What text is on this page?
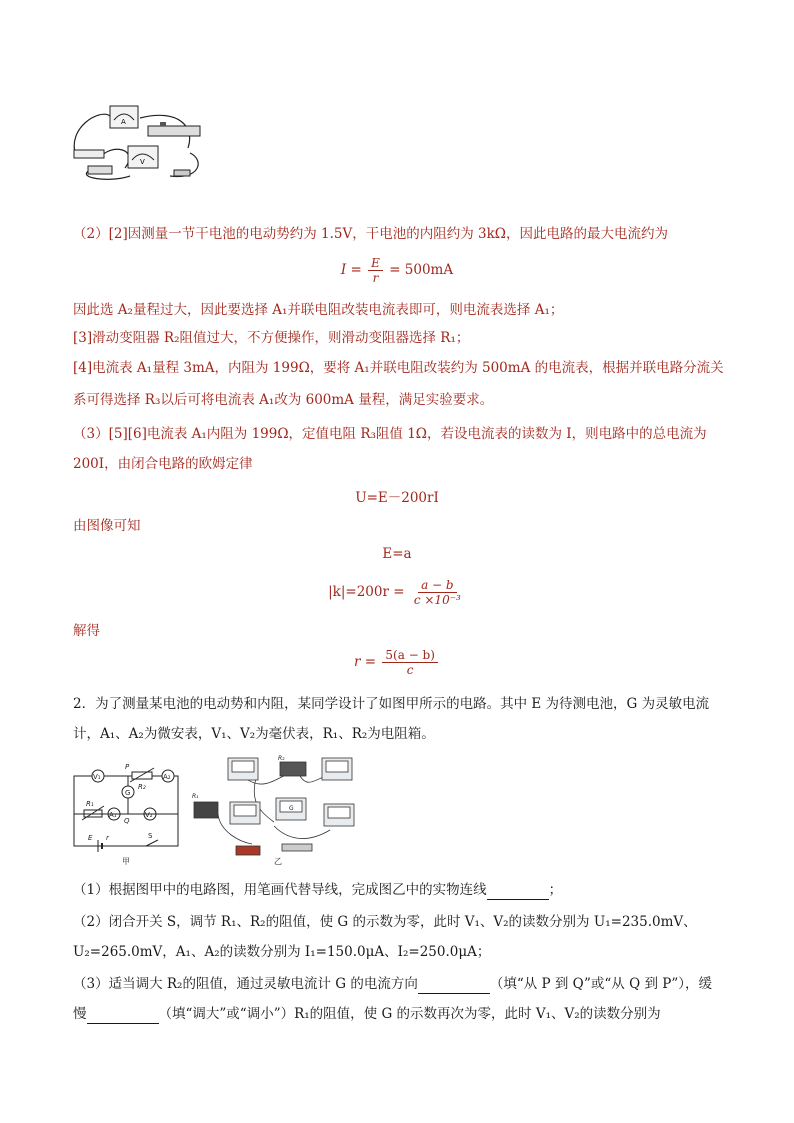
A
V
（2）[2]因测量一节干电池的电动势约为 1.5V，干电池的内阻约为 3kΩ，因此电路的最大电流约为
$I = \frac{E}{r} = 500mA$
因此选 A₂量程过大，因此要选择 A₁并联电阻改装电流表即可，则电流表选择 A₁；
[3]滑动变阻器 R₂阻值过大，不方便操作，则滑动变阻器选择 R₁；
[4]电流表 A₁量程 3mA，内阻为 199Ω，要将 A₁并联电阻改装约为 500mA 的电流表，根据并联电路分流关
系可得选择 R₃以后可将电流表 A₁改为 600mA 量程，满足实验要求。
（3）[5][6]电流表 A₁内阻为 199Ω，定值电阻 R₃阻值 1Ω，若设电流表的读数为 I，则电路中的总电流为
200I，由闭合电路的欧姆定律
U=E－200rI
由图像可知
E=a
$|k|=200r = \frac{a - b}{\text{c ×10⁻³}}$
解得
$r = \frac{5(a - b)}{c}$
2．为了测量某电池的电动势和内阻，某同学设计了如图甲所示的电路。其中 E 为待测电池，G 为灵敏电流
计，A₁、A₂为微安表，V₁、V₂为毫伏表，R₁、R₂为电阻箱。
V₁	A₂
P
R₂
G
R₁
A₁
Q
V₂
E r	S
甲
R₂
R₁
G
乙
（1）根据图甲中的电路图，用笔画代替导线，完成图乙中的实物连线	；
（2）闭合开关 S，调节 R₁、R₂的阻值，使 G 的示数为零，此时 V₁、V₂的读数分别为 U₁=235.0mV、
U₂=265.0mV，A₁、A₂的读数分别为 I₁=150.0μA、I₂=250.0μA；
（3）适当调大 R₂的阻值，通过灵敏电流计 G 的电流方向	（填“从 P 到 Q”或“从 Q 到 P”），缓
慢	（填“调大”或“调小”）R₁的阻值，使 G 的示数再次为零，此时 V₁、V₂的读数分别为
